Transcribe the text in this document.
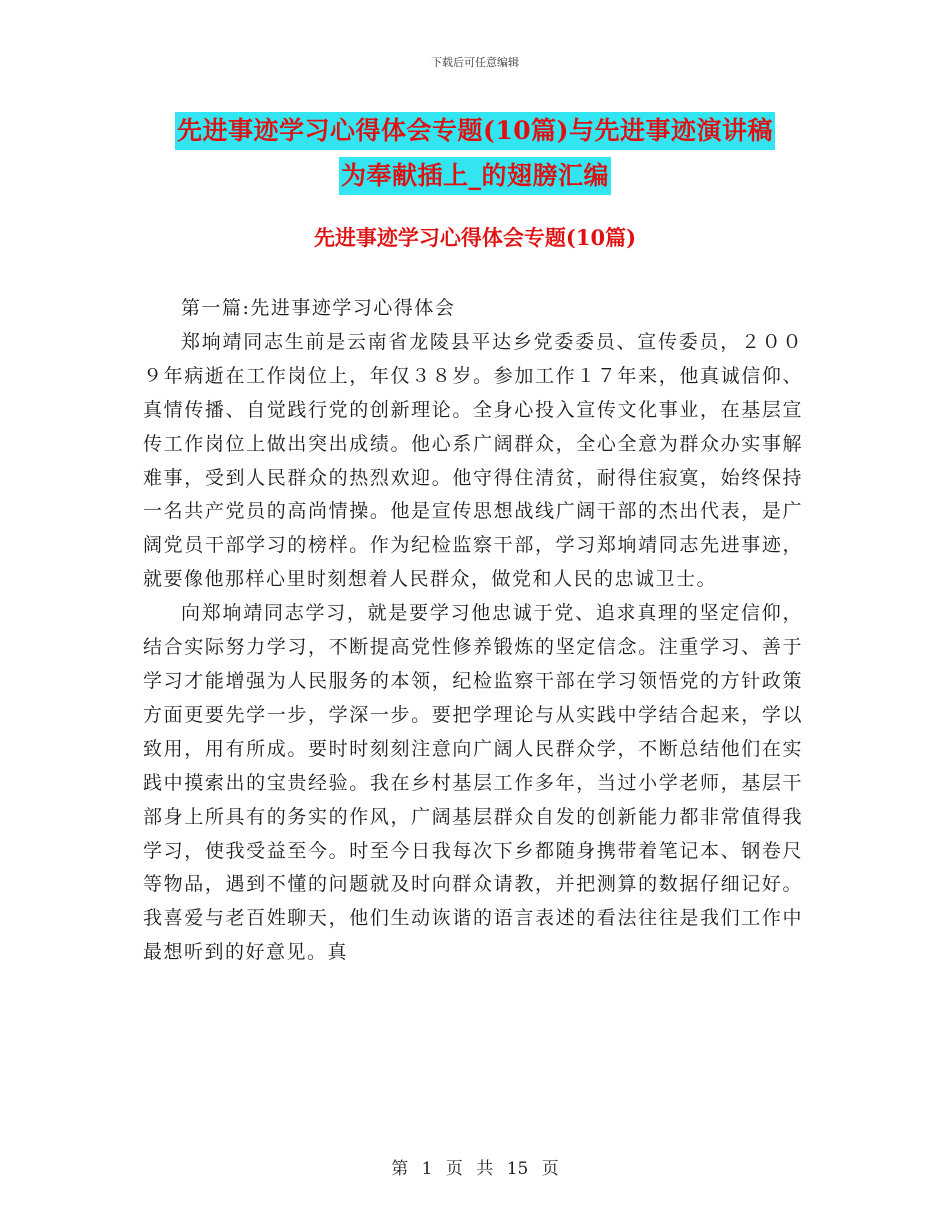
下载后可任意编辑
先进事迹学习心得体会专题(10篇)与先进事迹演讲稿
为奉献插上_的翅膀汇编
先进事迹学习心得体会专题(10篇)

第一篇:先进事迹学习心得体会

郑垧靖同志生前是云南省龙陵县平达乡党委委员、宣传委员，２００９年病逝在工作岗位上，年仅３８岁。参加工作１７年来，他真诚信仰、真情传播、自觉践行党的创新理论。全身心投入宣传文化事业，在基层宣传工作岗位上做出突出成绩。他心系广阔群众，全心全意为群众办实事解难事，受到人民群众的热烈欢迎。他守得住清贫，耐得住寂寞，始终保持一名共产党员的高尚情操。他是宣传思想战线广阔干部的杰出代表，是广阔党员干部学习的榜样。作为纪检监察干部，学习郑垧靖同志先进事迹，就要像他那样心里时刻想着人民群众，做党和人民的忠诚卫士。

向郑垧靖同志学习，就是要学习他忠诚于党、追求真理的坚定信仰，结合实际努力学习，不断提高党性修养锻炼的坚定信念。注重学习、善于学习才能增强为人民服务的本领，纪检监察干部在学习领悟党的方针政策方面更要先学一步，学深一步。要把学理论与从实践中学结合起来，学以致用，用有所成。要时时刻刻注意向广阔人民群众学，不断总结他们在实践中摸索出的宝贵经验。我在乡村基层工作多年，当过小学老师，基层干部身上所具有的务实的作风，广阔基层群众自发的创新能力都非常值得我学习，使我受益至今。时至今日我每次下乡都随身携带着笔记本、钢卷尺等物品，遇到不懂的问题就及时向群众请教，并把测算的数据仔细记好。我喜爱与老百姓聊天，他们生动诙谐的语言表述的看法往往是我们工作中最想听到的好意见。真

第 1 页 共 15 页
